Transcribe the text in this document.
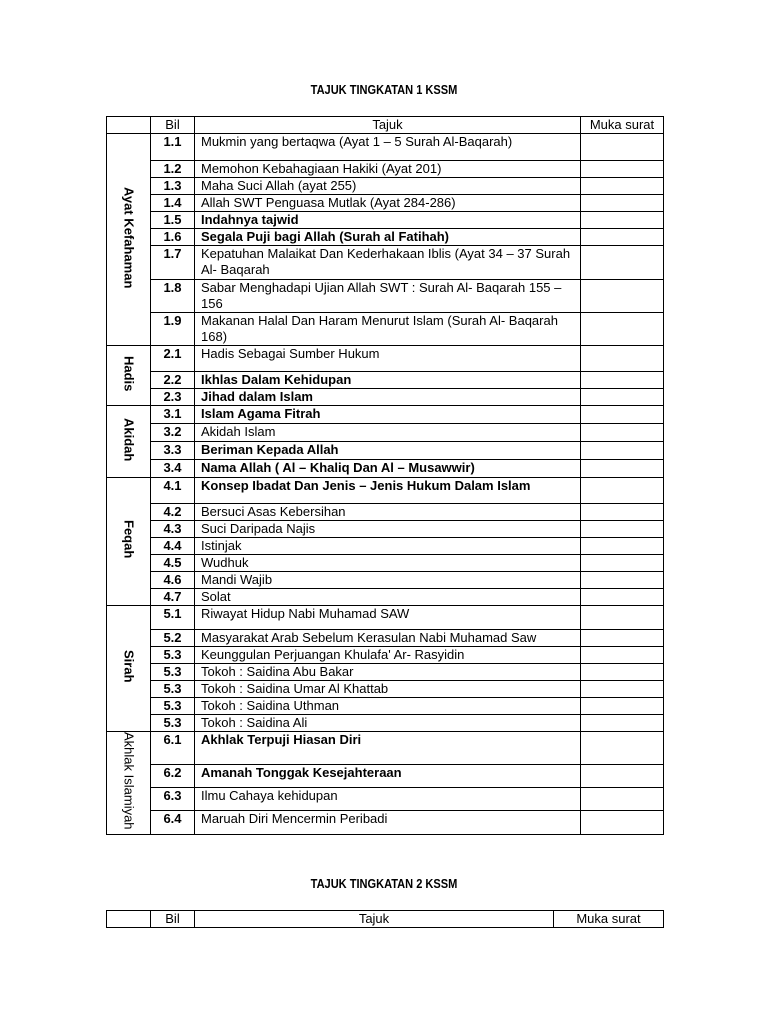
TAJUK TINGKATAN 1 KSSM
	Bil	Tajuk	Muka surat
Ayat Kefahaman	1.1	Mukmin yang bertaqwa (Ayat 1 – 5 Surah Al-Baqarah)	
	1.2	Memohon Kebahagiaan Hakiki (Ayat 201)	
	1.3	Maha Suci Allah (ayat 255)	
	1.4	Allah SWT Penguasa Mutlak (Ayat 284-286)	
	1.5	Indahnya tajwid	
	1.6	Segala Puji bagi Allah (Surah al Fatihah)	
	1.7	Kepatuhan Malaikat Dan Kederhakaan Iblis (Ayat 34 – 37 Surah Al- Baqarah	
	1.8	Sabar Menghadapi Ujian Allah SWT : Surah Al- Baqarah 155 – 156	
	1.9	Makanan Halal Dan Haram Menurut Islam (Surah Al- Baqarah 168)	
Hadis	2.1	Hadis Sebagai Sumber Hukum	
	2.2	Ikhlas Dalam Kehidupan	
	2.3	Jihad dalam Islam	
Akidah	3.1	Islam Agama Fitrah	
	3.2	Akidah Islam	
	3.3	Beriman Kepada Allah	
	3.4	Nama Allah ( Al – Khaliq Dan Al – Musawwir)	
Feqah	4.1	Konsep Ibadat Dan Jenis – Jenis Hukum Dalam Islam	
	4.2	Bersuci Asas Kebersihan	
	4.3	Suci Daripada Najis	
	4.4	Istinjak	
	4.5	Wudhuk	
	4.6	Mandi Wajib	
	4.7	Solat	
Sirah	5.1	Riwayat Hidup Nabi Muhamad SAW	
	5.2	Masyarakat Arab Sebelum Kerasulan Nabi Muhamad Saw	
	5.3	Keunggulan Perjuangan Khulafa' Ar- Rasyidin	
	5.3	Tokoh : Saidina Abu Bakar	
	5.3	Tokoh : Saidina Umar Al Khattab	
	5.3	Tokoh : Saidina Uthman	
	5.3	Tokoh : Saidina Ali	
Akhlak Islamiyah	6.1	Akhlak Terpuji Hiasan Diri	
	6.2	Amanah Tonggak Kesejahteraan	
	6.3	Ilmu Cahaya kehidupan	
	6.4	Maruah Diri Mencermin Peribadi	
TAJUK TINGKATAN 2 KSSM
	Bil	Tajuk	Muka surat
